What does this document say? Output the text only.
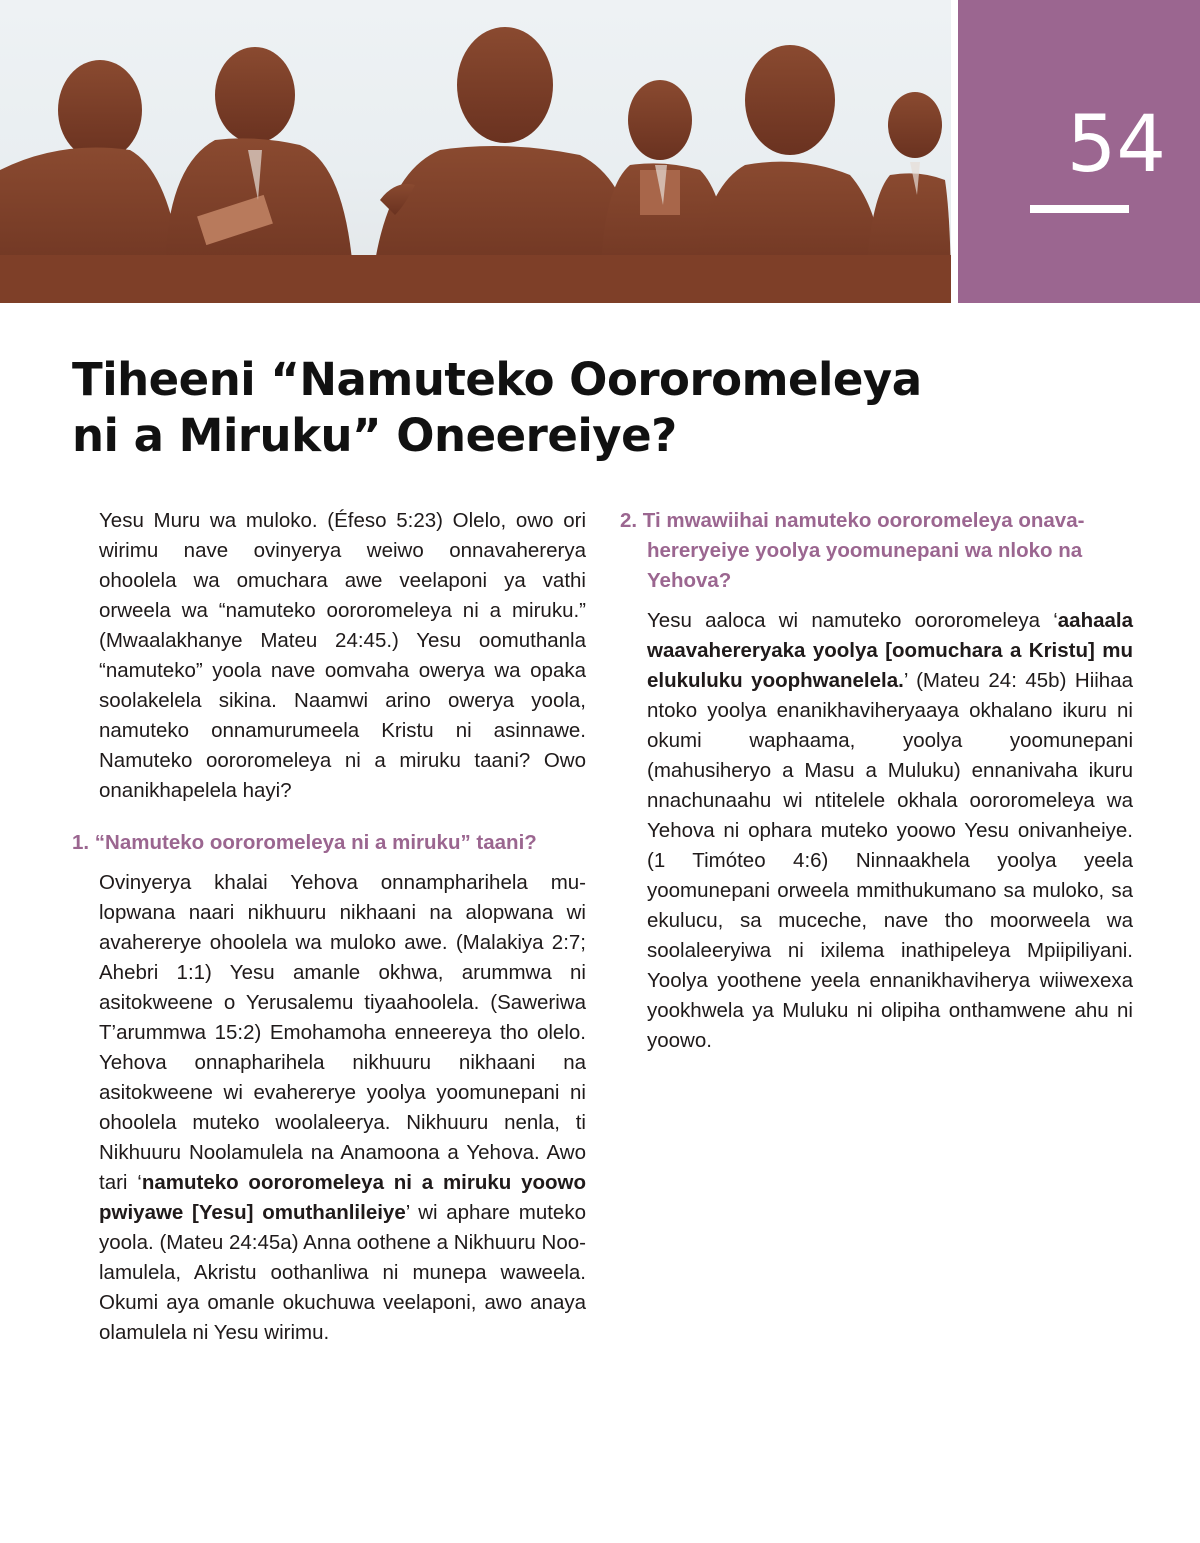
54
Tiheeni “Namuteko Oororomeleya
ni a Miruku” Oneereiye?

Yesu Muru wa muloko. (Éfeso 5:23) Olelo, owo ori wirimu nave ovinyerya weiwo onnavahererya ohoolela wa omuchara awe veelaponi ya vathi orweela wa “namuteko oororomeleya ni a miruku.” (Mwaalakhanye Mateu 24:45.) Yesu oomuthanla “namuteko” yoola nave oomvaha owerya wa opaka soolakelela sikina. Naamwi arino owerya yoola, namuteko onnamurumeela Kristu ni asinnawe. Namuteko oororomeleya ni a miruku taani? Owo onanikhapelela hayi?

1. “Namuteko oororomeleya ni a miruku” taani?

Ovinyerya khalai Yehova onnampharihela mulopwana naari nikhuuru nikhaani na alopwana wi avahererye ohoolela wa muloko awe. (Malakiya 2:7; Ahebri 1:1) Yesu amanle okhwa, arummwa ni asitokweene o Yerusalemu tiyaahoolela. (Saweriwa T’arummwa 15:2) Emohamoha enneereya tho olelo. Yehova onnapharihela nikhuuru nikhaani na asitokweene wi evahererye yoolya yoomunepani ni ohoolela muteko woolaleerya. Nikhuuru nenla, ti Nikhuuru Noolamulela na Anamoona a Yehova. Awo tari ‘namuteko oororomeleya ni a miruku yoowo pwiyawe [Yesu] omuthanlileiye’ wi aphare muteko yoola. (Mateu 24:45a) Anna oothene a Nikhuuru Noolamulela, Akristu oothanliwa ni munepa waweеla. Okumi aya omanle okuchuwa veelaponi, awo anaya olamulela ni Yesu wirimu.

2. Ti mwawiihai namuteko oororomeleya onavahereryeiye yoolya yoomunepani wa nloko na Yehova?

Yesu aaloca wi namuteko oororomeleya ‘aahaala waavahereryaka yoolya [oomuchara a Kristu] mu elukuluku yoophwanelela.’ (Mateu 24: 45b) Hiihaa ntoko yoolya enanikhaviheryaaya okhalano ikuru ni okumi waphaama, yoolya yoomunepani (mahusiheryo a Masu a Muluku) ennanivaha ikuru nnachunaahu wi ntitelele okhala oororomeleya wa Yehova ni ophara muteko yoowo Yesu onivanheiye. (1 Timóteo 4:6) Ninnaakhela yoolya yeela yoomunepani orweela mmithukumano sa muloko, sa ekulucu, sa muceche, nave tho moorweela wa soolaleeryiwa ni ixilema inathipeleya Mpiipiliyani. Yoolya yoothene yeela ennanikhaviherya wiiwexexa yookhwela ya Muluku ni olipiha onthamwene ahu ni yoowo.
